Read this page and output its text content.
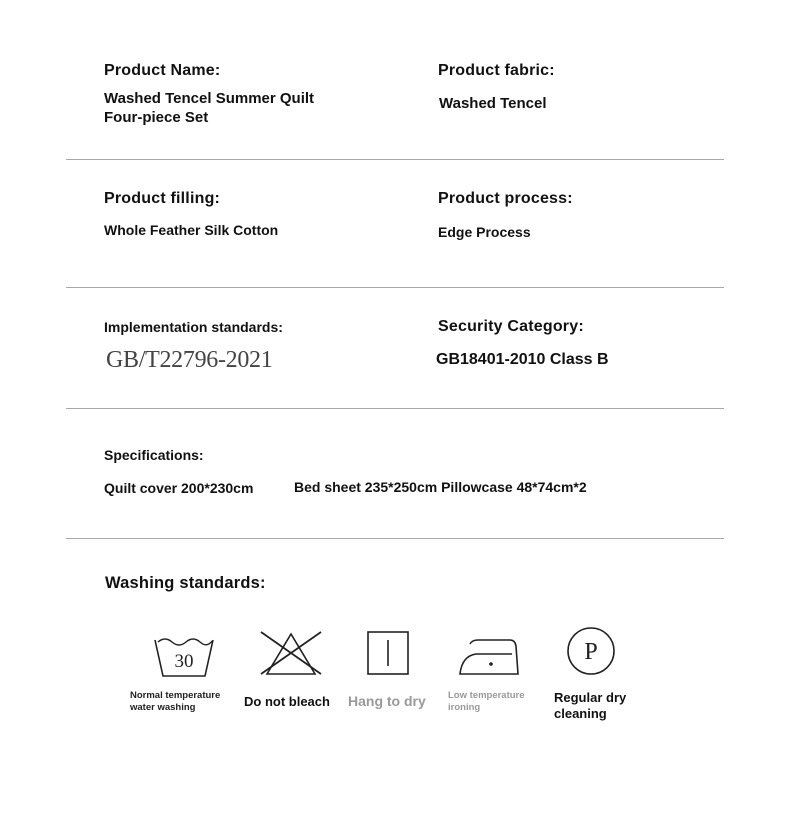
Product Name:
Washed Tencel Summer Quilt
Four-piece Set
Product fabric:
Washed Tencel
Product filling:
Whole Feather Silk Cotton
Product process:
Edge Process
Implementation standards:
GB/T22796-2021
Security Category:
GB18401-2010 Class B
Specifications:
Quilt cover 200*230cm	Bed sheet 235*250cm Pillowcase 48*74cm*2
Washing standards:
30
Normal temperature
water washing	Do not bleach Hang to dry Low temperature
ironing
P
Regular dry
cleaning
